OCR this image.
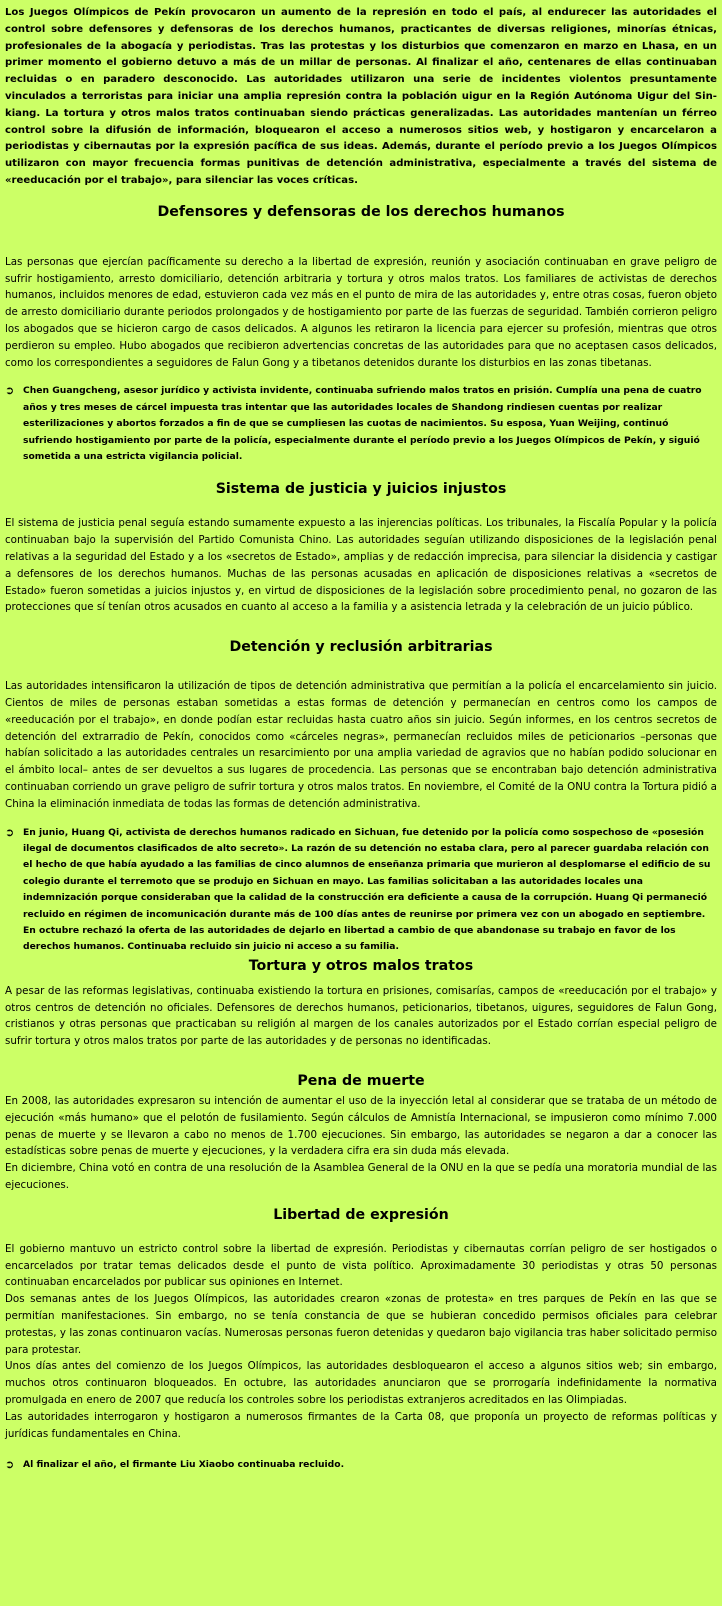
Los Juegos Olímpicos de Pekín provocaron un aumento de la represión en todo el país, al endurecer las autoridades el control sobre defensores y defensoras de los derechos humanos, practicantes de diversas religiones, minorías étnicas, profesionales de la abogacía y periodistas. Tras las protestas y los disturbios que comenzaron en marzo en Lhasa, en un primer momento el gobierno detuvo a más de un millar de personas. Al finalizar el año, centenares de ellas continuaban recluidas o en paradero desconocido. Las autoridades utilizaron una serie de incidentes violentos presuntamente vinculados a terroristas para iniciar una amplia represión contra la población uigur en la Región Autónoma Uigur del Sin-kiang. La tortura y otros malos tratos continuaban siendo prácticas generalizadas. Las autoridades mantenían un férreo control sobre la difusión de información, bloquearon el acceso a numerosos sitios web, y hostigaron y encarcelaron a periodistas y cibernautas por la expresión pacífica de sus ideas. Además, durante el período previo a los Juegos Olímpicos utilizaron con mayor frecuencia formas punitivas de detención administrativa, especialmente a través del sistema de «reeducación por el trabajo», para silenciar las voces críticas.

Defensores y defensoras de los derechos humanos

Las personas que ejercían pacíficamente su derecho a la libertad de expresión, reunión y asociación continuaban en grave peligro de sufrir hostigamiento, arresto domiciliario, detención arbitraria y tortura y otros malos tratos. Los familiares de activistas de derechos humanos, incluidos menores de edad, estuvieron cada vez más en el punto de mira de las autoridades y, entre otras cosas, fueron objeto de arresto domiciliario durante periodos prolongados y de hostigamiento por parte de las fuerzas de seguridad. También corrieron peligro los abogados que se hicieron cargo de casos delicados. A algunos les retiraron la licencia para ejercer su profesión, mientras que otros perdieron su empleo. Hubo abogados que recibieron advertencias concretas de las autoridades para que no aceptasen casos delicados, como los correspondientes a seguidores de Falun Gong y a tibetanos detenidos durante los disturbios en las zonas tibetanas.

➲ Chen Guangcheng, asesor jurídico y activista invidente, continuaba sufriendo malos tratos en prisión. Cumplía una pena de cuatro años y tres meses de cárcel impuesta tras intentar que las autoridades locales de Shandong rindiesen cuentas por realizar esterilizaciones y abortos forzados a fin de que se cumpliesen las cuotas de nacimientos. Su esposa, Yuan Weijing, continuó sufriendo hostigamiento por parte de la policía, especialmente durante el período previo a los Juegos Olímpicos de Pekín, y siguió sometida a una estricta vigilancia policial.
Sistema de justicia y juicios injustos

El sistema de justicia penal seguía estando sumamente expuesto a las injerencias políticas. Los tribunales, la Fiscalía Popular y la policía continuaban bajo la supervisión del Partido Comunista Chino. Las autoridades seguían utilizando disposiciones de la legislación penal relativas a la seguridad del Estado y a los «secretos de Estado», amplias y de redacción imprecisa, para silenciar la disidencia y castigar a defensores de los derechos humanos. Muchas de las personas acusadas en aplicación de disposiciones relativas a «secretos de Estado» fueron sometidas a juicios injustos y, en virtud de disposiciones de la legislación sobre procedimiento penal, no gozaron de las protecciones que sí tenían otros acusados en cuanto al acceso a la familia y a asistencia letrada y la celebración de un juicio público.

Detención y reclusión arbitrarias

Las autoridades intensificaron la utilización de tipos de detención administrativa que permitían a la policía el encarcelamiento sin juicio. Cientos de miles de personas estaban sometidas a estas formas de detención y permanecían en centros como los campos de «reeducación por el trabajo», en donde podían estar recluidas hasta cuatro años sin juicio. Según informes, en los centros secretos de detención del extrarradio de Pekín, conocidos como «cárceles negras», permanecían recluidos miles de peticionarios –personas que habían solicitado a las autoridades centrales un resarcimiento por una amplia variedad de agravios que no habían podido solucionar en el ámbito local– antes de ser devueltos a sus lugares de procedencia. Las personas que se encontraban bajo detención administrativa continuaban corriendo un grave peligro de sufrir tortura y otros malos tratos. En noviembre, el Comité de la ONU contra la Tortura pidió a China la eliminación inmediata de todas las formas de detención administrativa.

➲ En junio, Huang Qi, activista de derechos humanos radicado en Sichuan, fue detenido por la policía como sospechoso de «posesión ilegal de documentos clasificados de alto secreto». La razón de su detención no estaba clara, pero al parecer guardaba relación con el hecho de que había ayudado a las familias de cinco alumnos de enseñanza primaria que murieron al desplomarse el edificio de su colegio durante el terremoto que se produjo en Sichuan en mayo. Las familias solicitaban a las autoridades locales una indemnización porque consideraban que la calidad de la construcción era deficiente a causa de la corrupción. Huang Qi permaneció recluido en régimen de incomunicación durante más de 100 días antes de reunirse por primera vez con un abogado en septiembre. En octubre rechazó la oferta de las autoridades de dejarlo en libertad a cambio de que abandonase su trabajo en favor de los derechos humanos. Continuaba recluido sin juicio ni acceso a su familia.
Tortura y otros malos tratos

A pesar de las reformas legislativas, continuaba existiendo la tortura en prisiones, comisarías, campos de «reeducación por el trabajo» y otros centros de detención no oficiales. Defensores de derechos humanos, peticionarios, tibetanos, uigures, seguidores de Falun Gong, cristianos y otras personas que practicaban su religión al margen de los canales autorizados por el Estado corrían especial peligro de sufrir tortura y otros malos tratos por parte de las autoridades y de personas no identificadas.

Pena de muerte

En 2008, las autoridades expresaron su intención de aumentar el uso de la inyección letal al considerar que se trataba de un método de ejecución «más humano» que el pelotón de fusilamiento. Según cálculos de Amnistía Internacional, se impusieron como mínimo 7.000 penas de muerte y se llevaron a cabo no menos de 1.700 ejecuciones. Sin embargo, las autoridades se negaron a dar a conocer las estadísticas sobre penas de muerte y ejecuciones, y la verdadera cifra era sin duda más elevada.
En diciembre, China votó en contra de una resolución de la Asamblea General de la ONU en la que se pedía una moratoria mundial de las ejecuciones.

Libertad de expresión

El gobierno mantuvo un estricto control sobre la libertad de expresión. Periodistas y cibernautas corrían peligro de ser hostigados o encarcelados por tratar temas delicados desde el punto de vista político. Aproximadamente 30 periodistas y otras 50 personas continuaban encarcelados por publicar sus opiniones en Internet.
Dos semanas antes de los Juegos Olímpicos, las autoridades crearon «zonas de protesta» en tres parques de Pekín en las que se permitían manifestaciones. Sin embargo, no se tenía constancia de que se hubieran concedido permisos oficiales para celebrar protestas, y las zonas continuaron vacías. Numerosas personas fueron detenidas y quedaron bajo vigilancia tras haber solicitado permiso para protestar.
Unos días antes del comienzo de los Juegos Olímpicos, las autoridades desbloquearon el acceso a algunos sitios web; sin embargo, muchos otros continuaron bloqueados. En octubre, las autoridades anunciaron que se prorrogaría indefinidamente la normativa promulgada en enero de 2007 que reducía los controles sobre los periodistas extranjeros acreditados en las Olimpiadas.
Las autoridades interrogaron y hostigaron a numerosos firmantes de la Carta 08, que proponía un proyecto de reformas políticas y jurídicas fundamentales en China.

➲ Al finalizar el año, el firmante Liu Xiaobo continuaba recluido.
